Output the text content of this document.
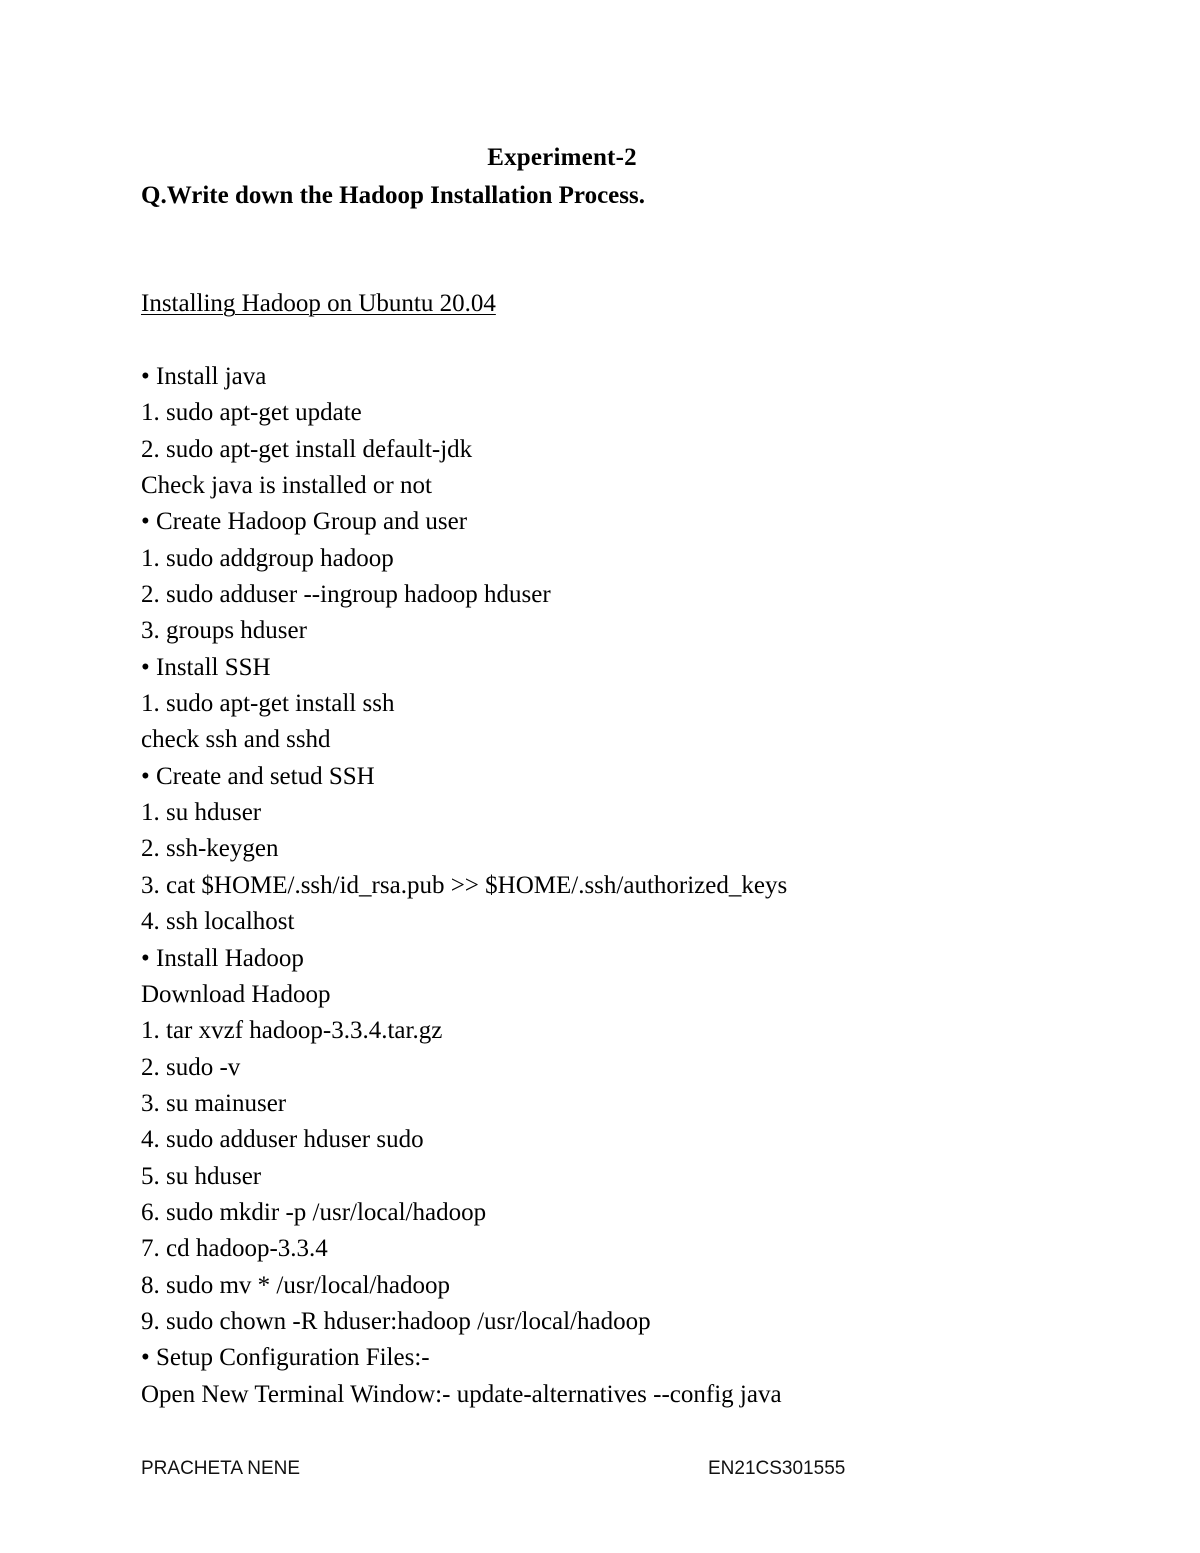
Experiment-2
Q.Write down the Hadoop Installation Process.
Installing Hadoop on Ubuntu 20.04
• Install java
1. sudo apt-get update
2. sudo apt-get install default-jdk
Check java is installed or not
• Create Hadoop Group and user
1. sudo addgroup hadoop
2. sudo adduser --ingroup hadoop hduser
3. groups hduser
• Install SSH
1. sudo apt-get install ssh
check ssh and sshd
• Create and setud SSH
1. su hduser
2. ssh-keygen
3. cat $HOME/.ssh/id_rsa.pub >> $HOME/.ssh/authorized_keys
4. ssh localhost
• Install Hadoop
Download Hadoop
1. tar xvzf hadoop-3.3.4.tar.gz
2. sudo -v
3. su mainuser
4. sudo adduser hduser sudo
5. su hduser
6. sudo mkdir -p /usr/local/hadoop
7. cd hadoop-3.3.4
8. sudo mv * /usr/local/hadoop
9. sudo chown -R hduser:hadoop /usr/local/hadoop
• Setup Configuration Files:-
Open New Terminal Window:- update-alternatives --config java
PRACHETA NENE	EN21CS301555
